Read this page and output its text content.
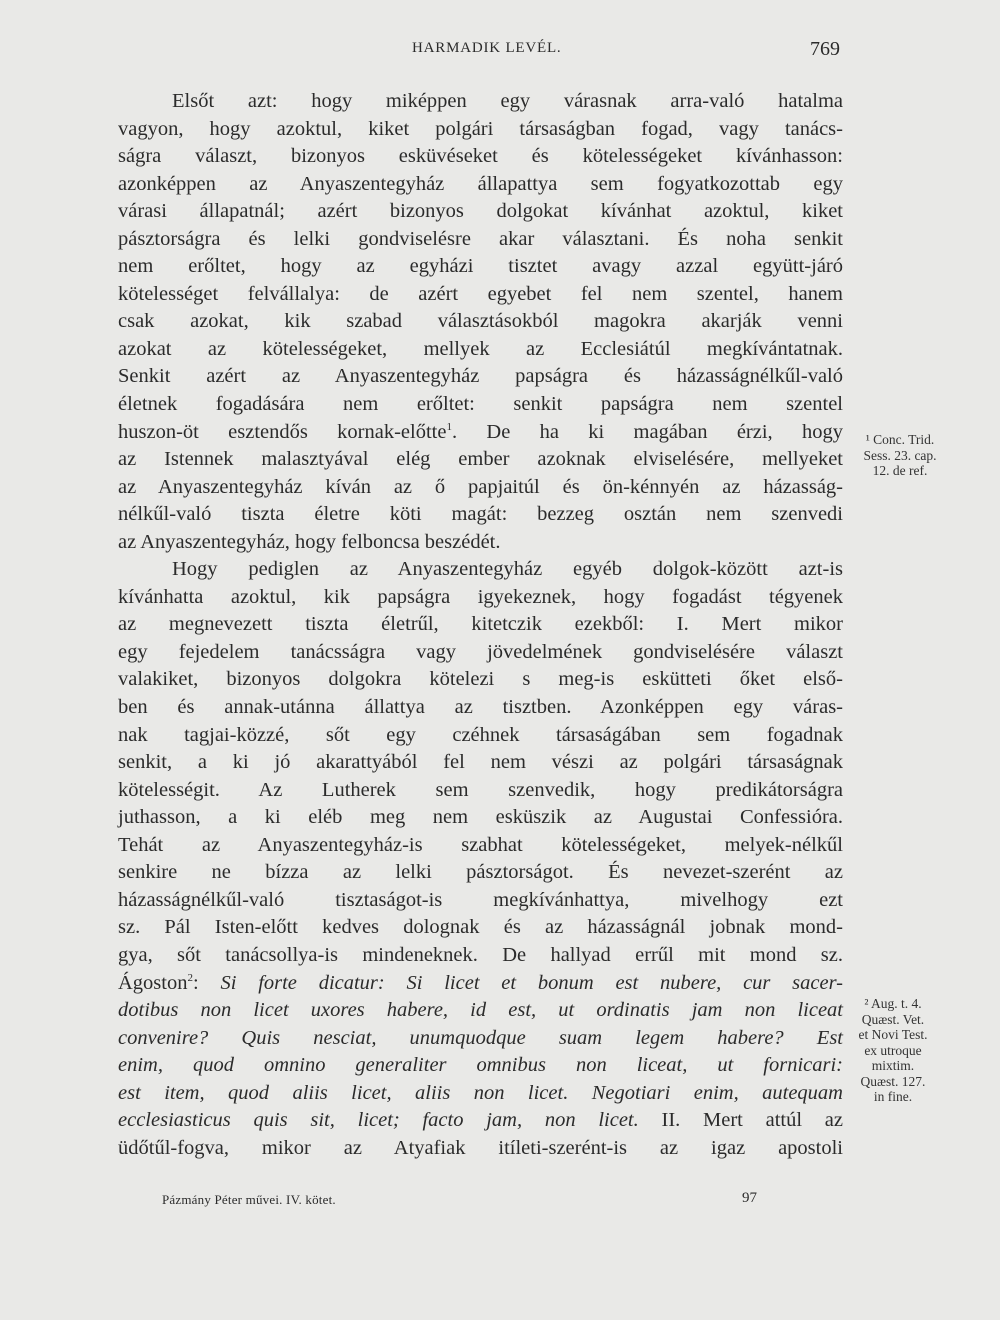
HARMADIK LEVÉL.	769
Elsőt azt: hogy miképpen egy várasnak arra-való hatalma
vagyon, hogy azoktul, kiket polgári társaságban fogad, vagy tanács-
ságra választ, bizonyos esküvéseket és kötelességeket kívánhasson:
azonképpen az Anyaszentegyház állapattya sem fogyatkozottab egy
várasi állapatnál; azért bizonyos dolgokat kívánhat azoktul, kiket
pásztorságra és lelki gondviselésre akar választani. És noha senkit
nem erőltet, hogy az egyházi tisztet avagy azzal együtt-járó
kötelességet felvállalya: de azért egyebet fel nem szentel, hanem
csak azokat, kik szabad választásokból magokra akarják venni
azokat az kötelességeket, mellyek az Ecclesiátúl megkívántatnak.
Senkit azért az Anyaszentegyház papságra és házasságnélkűl-való
életnek fogadására nem erőltet: senkit papságra nem szentel
huszon-öt esztendős kornak-előtte$^1$. De ha ki magában érzi, hogy
az Istennek malasztyával elég ember azoknak elviselésére, mellyeket
az Anyaszentegyház kíván az ő papjaitúl és ön-kénnyén az házasság-
nélkűl-való tiszta életre köti magát: bezzeg osztán nem szenvedi
az Anyaszentegyház, hogy felboncsa beszédét.
Hogy pediglen az Anyaszentegyház egyéb dolgok-között azt-is
kívánhatta azoktul, kik papságra igyekeznek, hogy fogadást tégyenek
az megnevezett tiszta életrűl, kitetczik ezekből: I. Mert mikor
egy fejedelem tanácsságra vagy jövedelmének gondviselésére választ
valakiket, bizonyos dolgokra kötelezi s meg-is eskütteti őket első-
ben és annak-utánna állattya az tisztben. Azonképpen egy váras-
nak tagjai-közzé, sőt egy czéhnek társaságában sem fogadnak
senkit, a ki jó akarattyából fel nem vészi az polgári társaságnak
kötelességit. Az Lutherek sem szenvedik, hogy predikátorságra
juthasson, a ki eléb meg nem esküszik az Augustai Confessióra.
Tehát az Anyaszentegyház-is szabhat kötelességeket, melyek-nélkűl
senkire ne bízza az lelki pásztorságot. És nevezet-szerént az
házasságnélkűl-való tisztaságot-is megkívánhattya, mivelhogy ezt
sz. Pál Isten-előtt kedves dolognak és az házasságnál jobnak mond-
gya, sőt tanácsollya-is mindeneknek. De hallyad errűl mit mond sz.
Ágoston$^2$: Si forte dicatur: Si licet et bonum est nubere, cur sacer-
dotibus non licet uxores habere, id est, ut ordinatis jam non liceat
convenire? Quis nesciat, unumquodque suam legem habere? Est
enim, quod omnino generaliter omnibus non liceat, ut fornicari:
est item, quod aliis licet, aliis non licet. Negotiari enim, autequam
ecclesiasticus quis sit, licet; facto jam, non licet. II. Mert attúl az
üdőtűl-fogva, mikor az Atyafiak itíleti-szerént-is az igaz apostoli
¹ Conc. Trid.
Sess. 23. cap.
12. de ref.
² Aug. t. 4.
Quæst. Vet.
et Novi Test.
ex utroque
mixtim.
Quæst. 127.
in fine.
Pázmány Péter művei. IV. kötet.	97
